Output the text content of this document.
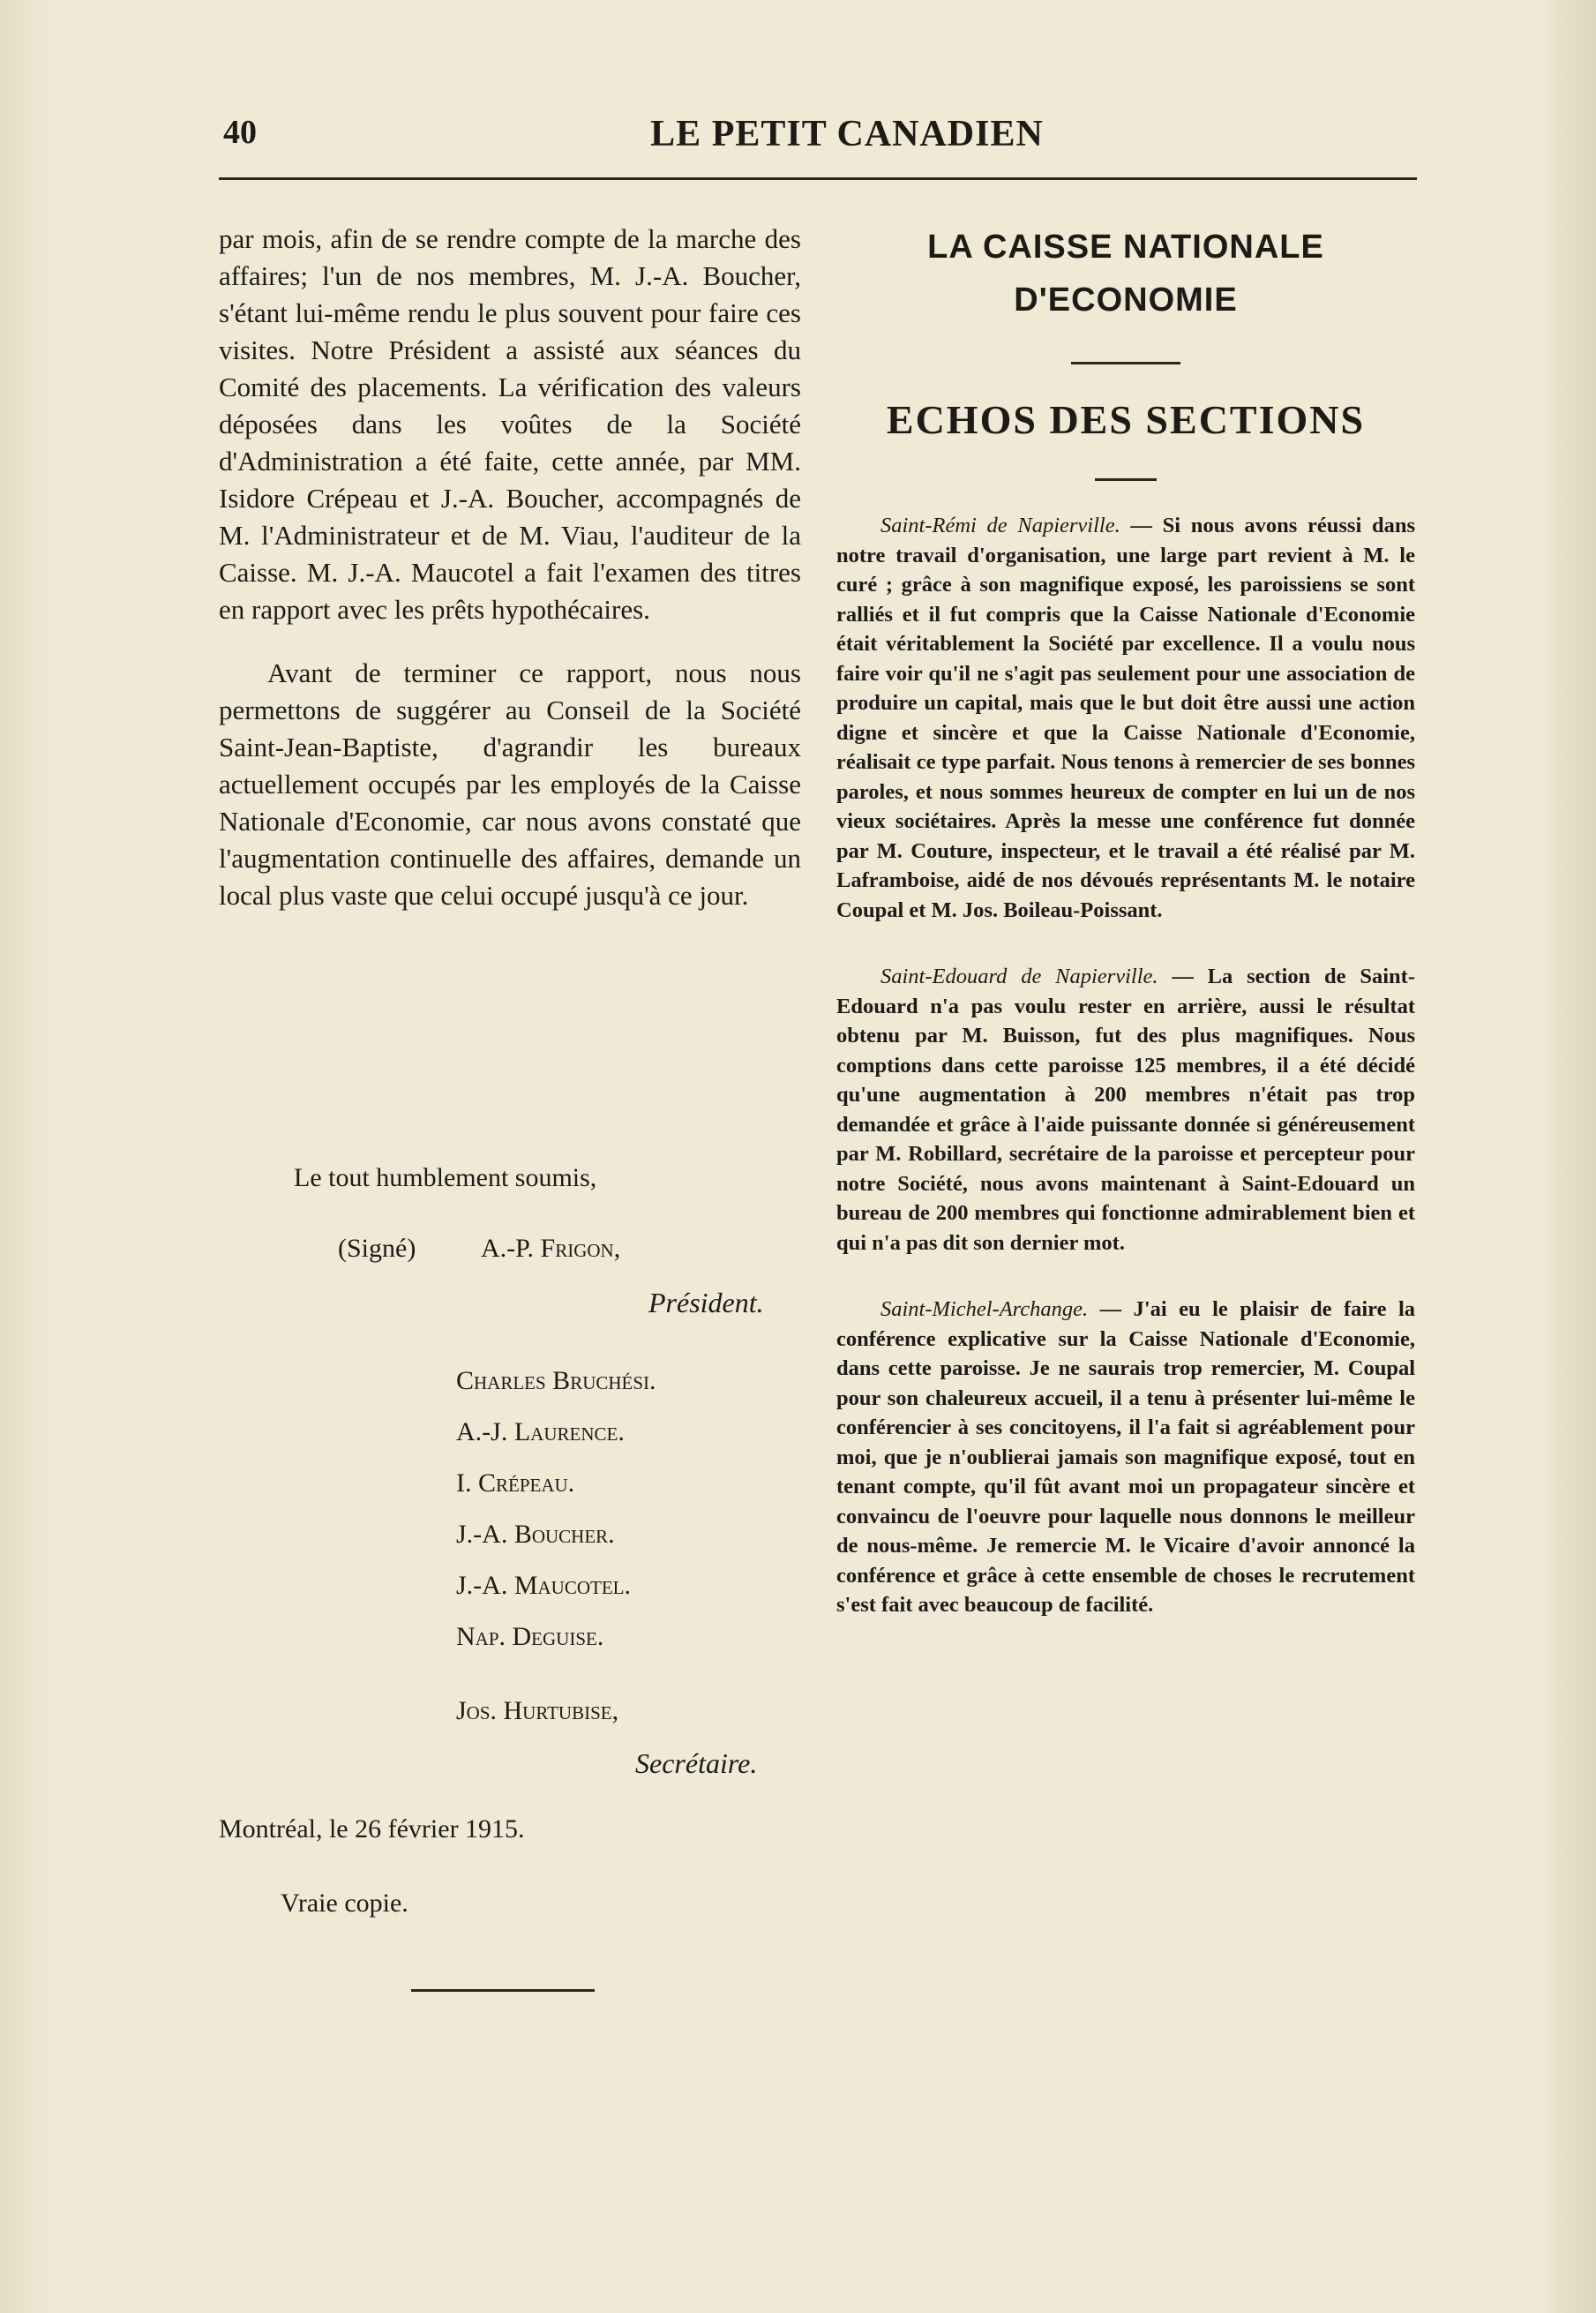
40	LE PETIT CANADIEN

par mois, afin de se rendre compte de la marche des affaires; l'un de nos membres, M. J.-A. Boucher, s'étant lui-même rendu le plus souvent pour faire ces visites. Notre Président a assisté aux séances du Comité des placements. La vérification des valeurs déposées dans les voûtes de la Société d'Administration a été faite, cette année, par MM. Isidore Crépeau et J.-A. Boucher, accompagnés de M. l'Administrateur et de M. Viau, l'auditeur de la Caisse. M. J.-A. Maucotel a fait l'examen des titres en rapport avec les prêts hypothécaires.

Avant de terminer ce rapport, nous nous permettons de suggérer au Conseil de la Société Saint-Jean-Baptiste, d'agrandir les bureaux actuellement occupés par les employés de la Caisse Nationale d'Economie, car nous avons constaté que l'augmentation continuelle des affaires, demande un local plus vaste que celui occupé jusqu'à ce jour.

Le tout humblement soumis,
(Signé) A.-P. Frigon,
Président.
Charles Bruchési.
A.-J. Laurence.
I. Crépeau.
J.-A. Boucher.
J.-A. Maucotel.
Nap. Deguise.
Jos. Hurtubise,
Secrétaire.
Montréal, le 26 février 1915.
Vraie copie.

LA CAISSE NATIONALE

D'ECONOMIE

ECHOS DES SECTIONS

Saint-Rémi de Napierville. — Si nous avons réussi dans notre travail d'organisation, une large part revient à M. le curé ; grâce à son magnifique exposé, les paroissiens se sont ralliés et il fut compris que la Caisse Nationale d'Economie était véritablement la Société par excellence. Il a voulu nous faire voir qu'il ne s'agit pas seulement pour une association de produire un capital, mais que le but doit être aussi une action digne et sincère et que la Caisse Nationale d'Economie, réalisait ce type parfait. Nous tenons à remercier de ses bonnes paroles, et nous sommes heureux de compter en lui un de nos vieux sociétaires. Après la messe une conférence fut donnée par M. Couture, inspecteur, et le travail a été réalisé par M. Laframboise, aidé de nos dévoués représentants M. le notaire Coupal et M. Jos. Boileau-Poissant.

Saint-Edouard de Napierville. — La section de Saint-Edouard n'a pas voulu rester en arrière, aussi le résultat obtenu par M. Buisson, fut des plus magnifiques. Nous comptions dans cette paroisse 125 membres, il a été décidé qu'une augmentation à 200 membres n'était pas trop demandée et grâce à l'aide puissante donnée si généreusement par M. Robillard, secrétaire de la paroisse et percepteur pour notre Société, nous avons maintenant à Saint-Edouard un bureau de 200 membres qui fonctionne admirablement bien et qui n'a pas dit son dernier mot.

Saint-Michel-Archange. — J'ai eu le plaisir de faire la conférence explicative sur la Caisse Nationale d'Economie, dans cette paroisse. Je ne saurais trop remercier, M. Coupal pour son chaleureux accueil, il a tenu à présenter lui-même le conférencier à ses concitoyens, il l'a fait si agréablement pour moi, que je n'oublierai jamais son magnifique exposé, tout en tenant compte, qu'il fût avant moi un propagateur sincère et convaincu de l'oeuvre pour laquelle nous donnons le meilleur de nous-même. Je remercie M. le Vicaire d'avoir annoncé la conférence et grâce à cette ensemble de choses le recrutement s'est fait avec beaucoup de facilité.
